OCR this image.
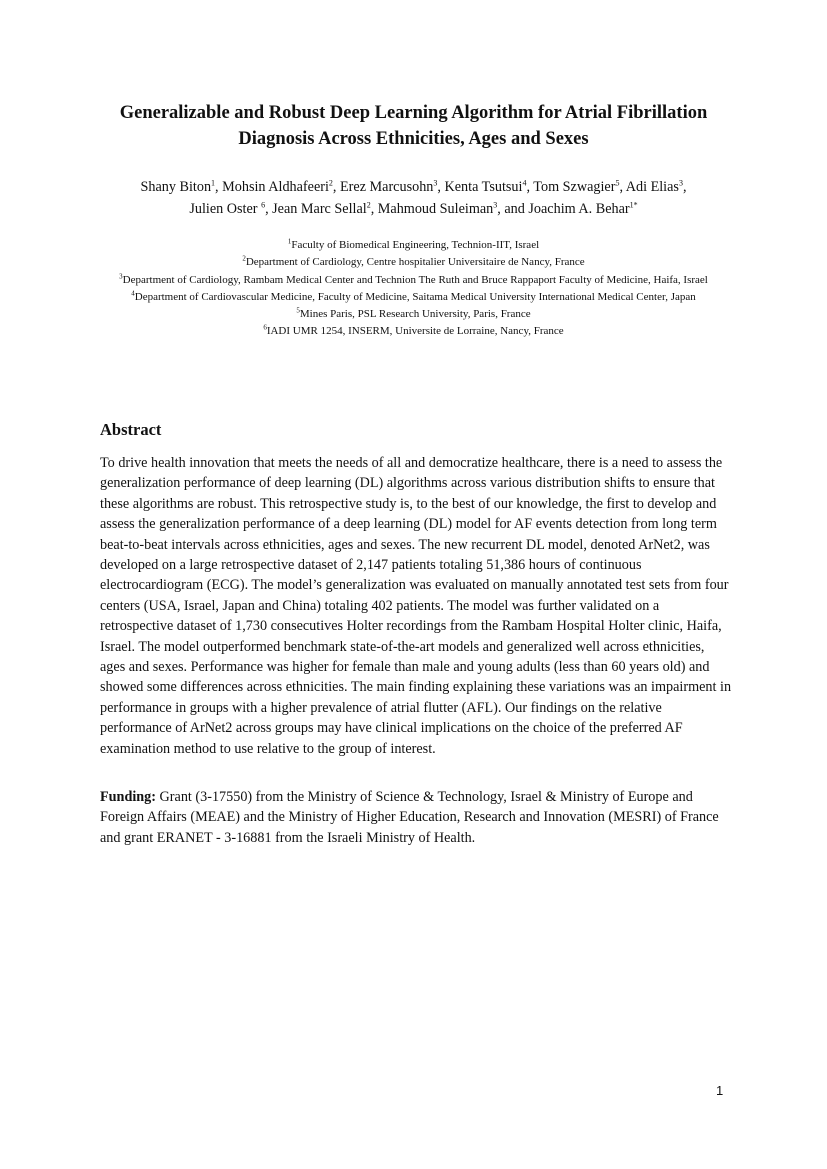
Generalizable and Robust Deep Learning Algorithm for Atrial Fibrillation
Diagnosis Across Ethnicities, Ages and Sexes
Shany Biton$^1$, Mohsin Aldhafeeri$^2$, Erez Marcusohn$^3$, Kenta Tsutsui$^4$, Tom Szwagier$^5$, Adi Elias$^3$,
Julien Oster $^6$, Jean Marc Sellal$^2$, Mahmoud Suleiman$^3$, and Joachim A. Behar$^{1*}$
$^1$Faculty of Biomedical Engineering, Technion-IIT, Israel
$^2$Department of Cardiology, Centre hospitalier Universitaire de Nancy, France
$^3$Department of Cardiology, Rambam Medical Center and Technion The Ruth and Bruce Rappaport Faculty of Medicine, Haifa, Israel
$^4$Department of Cardiovascular Medicine, Faculty of Medicine, Saitama Medical University International Medical Center, Japan
$^5$Mines Paris, PSL Research University, Paris, France
$^6$IADI UMR 1254, INSERM, Universite de Lorraine, Nancy, France
Abstract
To drive health innovation that meets the needs of all and democratize healthcare, there is a need to assess the generalization performance of deep learning (DL) algorithms across various distribution shifts to ensure that these algorithms are robust. This retrospective study is, to the best of our knowledge, the first to develop and assess the generalization performance of a deep learning (DL) model for AF events detection from long term beat-to-beat intervals across ethnicities, ages and sexes. The new recurrent DL model, denoted ArNet2, was developed on a large retrospective dataset of 2,147 patients totaling 51,386 hours of continuous electrocardiogram (ECG). The model’s generalization was evaluated on manually annotated test sets from four centers (USA, Israel, Japan and China) totaling 402 patients. The model was further validated on a retrospective dataset of 1,730 consecutives Holter recordings from the Rambam Hospital Holter clinic, Haifa, Israel. The model outperformed benchmark state-of-the-art models and generalized well across ethnicities, ages and sexes. Performance was higher for female than male and young adults (less than 60 years old) and showed some differences across ethnicities. The main finding explaining these variations was an impairment in performance in groups with a higher prevalence of atrial flutter (AFL). Our findings on the relative performance of ArNet2 across groups may have clinical implications on the choice of the preferred AF examination method to use relative to the group of interest.
Funding: Grant (3-17550) from the Ministry of Science & Technology, Israel & Ministry of Europe and Foreign Affairs (MEAE) and the Ministry of Higher Education, Research and Innovation (MESRI) of France and grant ERANET - 3-16881 from the Israeli Ministry of Health.
1
